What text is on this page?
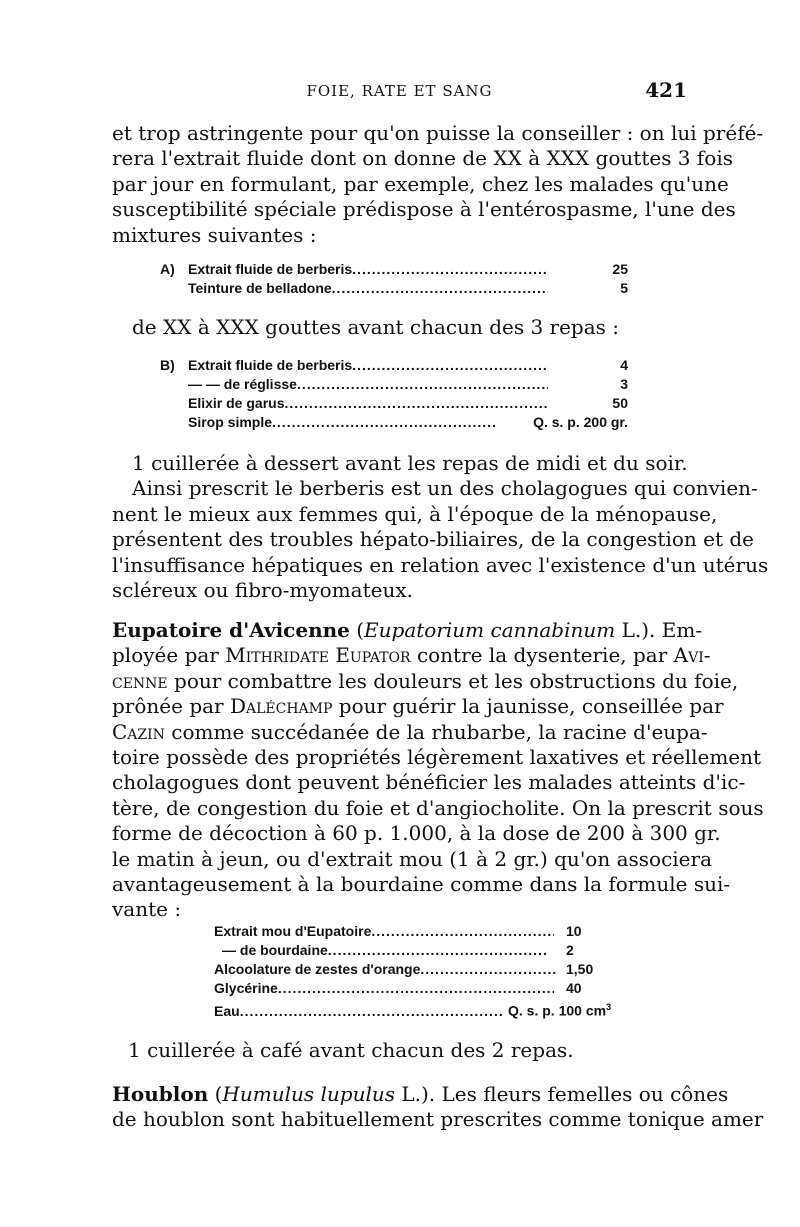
FOIE, RATE ET SANG	421
et trop astringente pour qu'on puisse la conseiller : on lui préfé-
rera l'extrait fluide dont on donne de XX à XXX gouttes 3 fois
par jour en formulant, par exemple, chez les malades qu'une
susceptibilité spéciale prédispose à l'entérospasme, l'une des
mixtures suivantes :
A) Extrait fluide de berberis .....	25
Teinture de belladone .....	5
de XX à XXX gouttes avant chacun des 3 repas :
B) Extrait fluide de berberis .....	4
— — de réglisse .....	3
Elixir de garus .....	50
Sirop simple .....	Q. s. p. 200 gr.
1 cuillerée à dessert avant les repas de midi et du soir.
Ainsi prescrit le berberis est un des cholagogues qui convien-
nent le mieux aux femmes qui, à l'époque de la ménopause,
présentent des troubles hépato-biliaires, de la congestion et de
l'insuffisance hépatiques en relation avec l'existence d'un utérus
scléreux ou fibro-myomateux.
Eupatoire d'Avicenne (Eupatorium cannabinum L.). Em-
ployée par Mithridate Eupator contre la dysenterie, par Avi-
cenne pour combattre les douleurs et les obstructions du foie,
prônée par Daléchamp pour guérir la jaunisse, conseillée par
Cazin comme succédanée de la rhubarbe, la racine d'eupa-
toire possède des propriétés légèrement laxatives et réellement
cholagogues dont peuvent bénéficier les malades atteints d'ic-
tère, de congestion du foie et d'angiocholite. On la prescrit sous
forme de décoction à 60 p. 1.000, à la dose de 200 à 300 gr.
le matin à jeun, ou d'extrait mou (1 à 2 gr.) qu'on associera
avantageusement à la bourdaine comme dans la formule sui-
vante :
Extrait mou d'Eupatoire .....	10
— de bourdaine .....	2
Alcoolature de zestes d'orange .....	1,50
Glycérine .....	40
Eau .....	Q. s. p. 100 $cm^3$
1 cuillerée à café avant chacun des 2 repas.
Houblon (Humulus lupulus L.). Les fleurs femelles ou cônes
de houblon sont habituellement prescrites comme tonique amer
